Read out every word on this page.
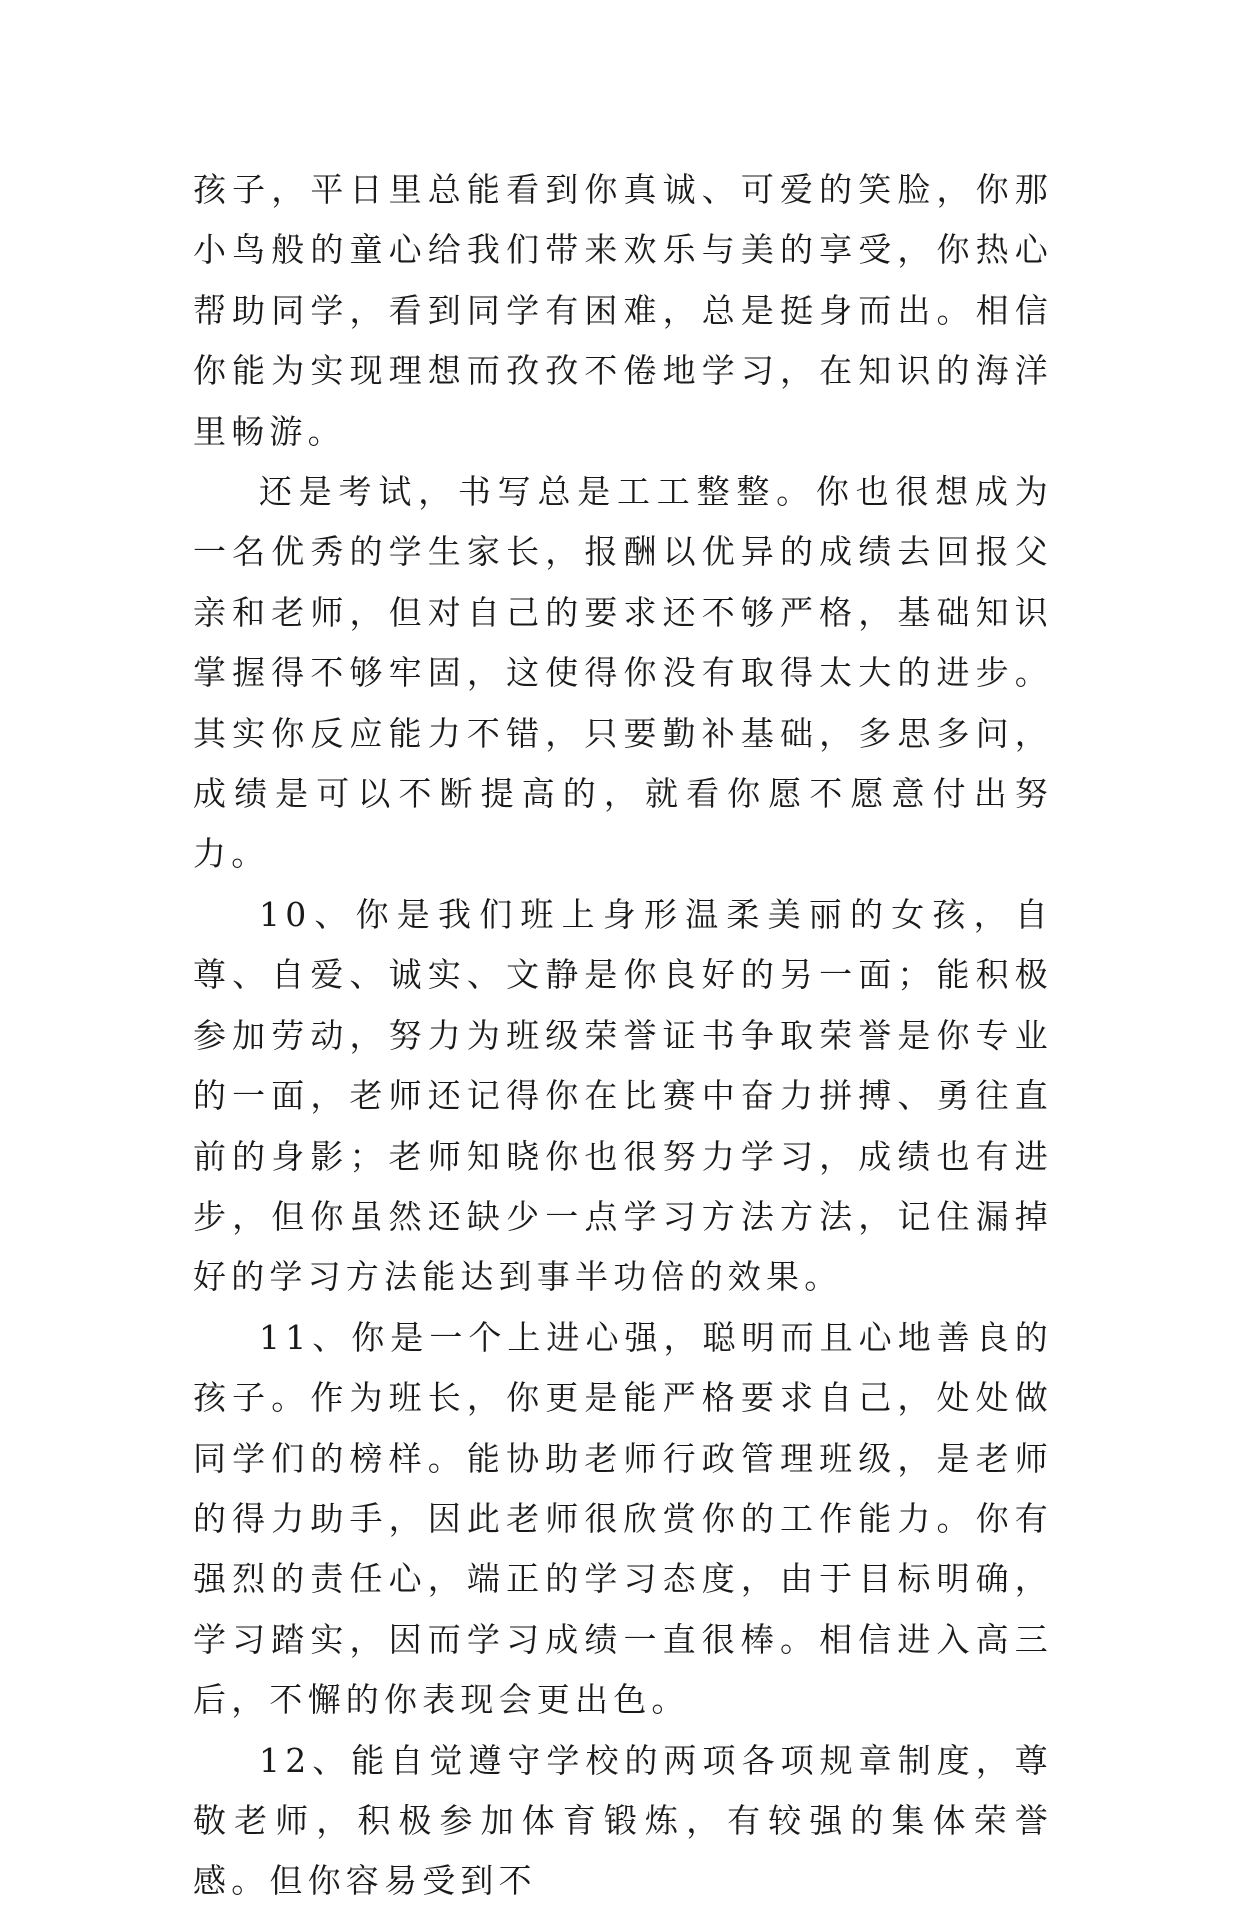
孩子，平日里总能看到你真诚、可爱的笑脸，你那小鸟般的童心给我们带来欢乐与美的享受，你热心帮助同学，看到同学有困难，总是挺身而出。相信你能为实现理想而孜孜不倦地学习，在知识的海洋里畅游。

还是考试，书写总是工工整整。你也很想成为一名优秀的学生家长，报酬以优异的成绩去回报父亲和老师，但对自己的要求还不够严格，基础知识掌握得不够牢固，这使得你没有取得太大的进步。其实你反应能力不错，只要勤补基础，多思多问，成绩是可以不断提高的，就看你愿不愿意付出努力。

10、你是我们班上身形温柔美丽的女孩，自尊、自爱、诚实、文静是你良好的另一面；能积极参加劳动，努力为班级荣誉证书争取荣誉是你专业的一面，老师还记得你在比赛中奋力拼搏、勇往直前的身影；老师知晓你也很努力学习，成绩也有进步，但你虽然还缺少一点学习方法方法，记住漏掉好的学习方法能达到事半功倍的效果。

11、你是一个上进心强，聪明而且心地善良的孩子。作为班长，你更是能严格要求自己，处处做同学们的榜样。能协助老师行政管理班级，是老师的得力助手，因此老师很欣赏你的工作能力。你有强烈的责任心，端正的学习态度，由于目标明确，学习踏实，因而学习成绩一直很棒。相信进入高三后，不懈的你表现会更出色。

12、能自觉遵守学校的两项各项规章制度，尊敬老师，积极参加体育锻炼，有较强的集体荣誉感。但你容易受到不
